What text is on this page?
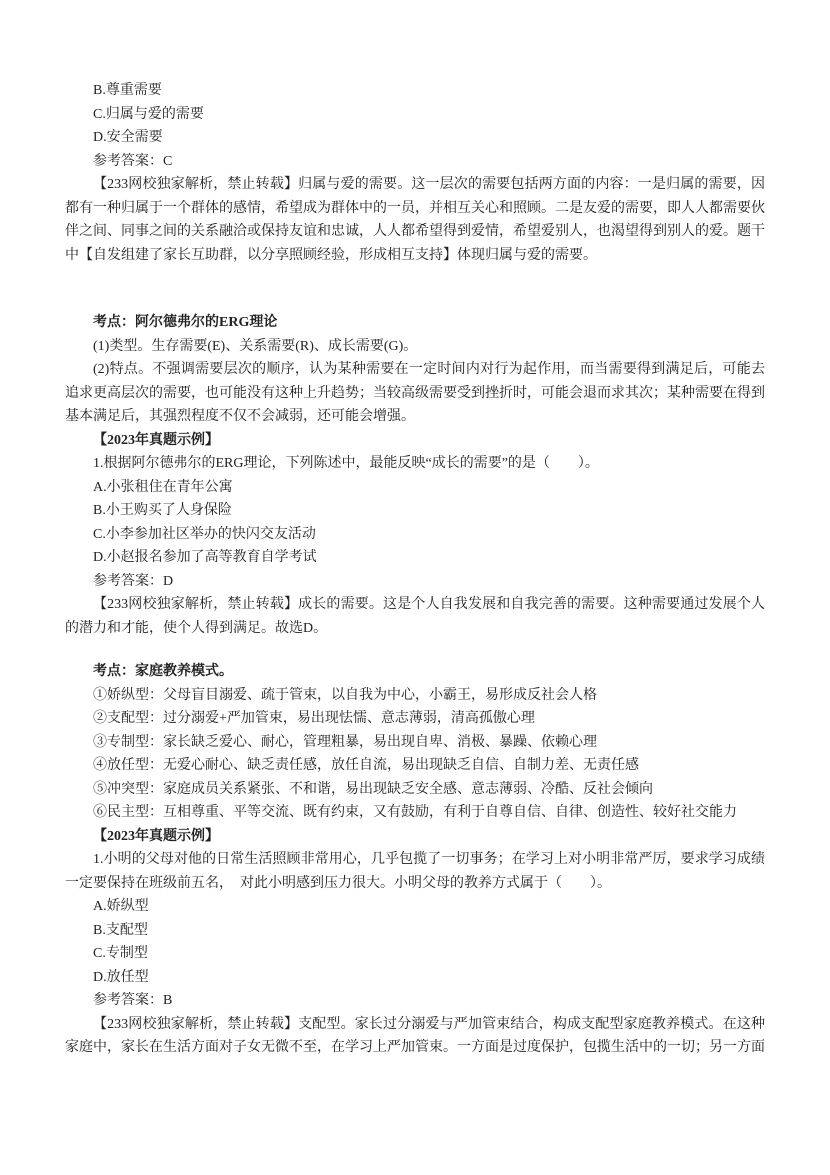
B.尊重需要

C.归属与爱的需要

D.安全需要

参考答案：C

【233网校独家解析，禁止转载】归属与爱的需要。这一层次的需要包括两方面的内容：一是归属的需要，因都有一种归属于一个群体的感情，希望成为群体中的一员，并相互关心和照顾。二是友爱的需要，即人人都需要伙伴之间、同事之间的关系融洽或保持友谊和忠诚，人人都希望得到爱情，希望爱别人，也渴望得到别人的爱。题干中【自发组建了家长互助群，以分享照顾经验，形成相互支持】体现归属与爱的需要。

考点：阿尔德弗尔的ERG理论

(1)类型。生存需要(E)、关系需要(R)、成长需要(G)。

(2)特点。不强调需要层次的顺序，认为某种需要在一定时间内对行为起作用，而当需要得到满足后，可能去追求更高层次的需要，也可能没有这种上升趋势；当较高级需要受到挫折时，可能会退而求其次；某种需要在得到基本满足后，其强烈程度不仅不会减弱，还可能会增强。

【2023年真题示例】

1.根据阿尔德弗尔的ERG理论，下列陈述中，最能反映“成长的需要”的是（　　）。

A.小张租住在青年公寓

B.小王购买了人身保险

C.小李参加社区举办的快闪交友活动

D.小赵报名参加了高等教育自学考试

参考答案：D

【233网校独家解析，禁止转载】成长的需要。这是个人自我发展和自我完善的需要。这种需要通过发展个人的潜力和才能，使个人得到满足。故选D。

考点：家庭教养模式。

①娇纵型：父母盲目溺爱、疏于管束，以自我为中心，小霸王，易形成反社会人格

②支配型：过分溺爱+严加管束，易出现怯懦、意志薄弱，清高孤傲心理

③专制型：家长缺乏爱心、耐心，管理粗暴，易出现自卑、消极、暴躁、依赖心理

④放任型：无爱心耐心、缺乏责任感，放任自流，易出现缺乏自信、自制力差、无责任感

⑤冲突型：家庭成员关系紧张、不和谐，易出现缺乏安全感、意志薄弱、冷酷、反社会倾向

⑥民主型：互相尊重、平等交流、既有约束，又有鼓励，有利于自尊自信、自律、创造性、较好社交能力

【2023年真题示例】

1.小明的父母对他的日常生活照顾非常用心，几乎包揽了一切事务；在学习上对小明非常严厉，要求学习成绩一定要保持在班级前五名，　对此小明感到压力很大。小明父母的教养方式属于（　　）。

A.娇纵型

B.支配型

C.专制型

D.放任型

参考答案：B

【233网校独家解析，禁止转载】支配型。家长过分溺爱与严加管束结合，构成支配型家庭教养模式。在这种家庭中，家长在生活方面对子女无微不至，在学习上严加管束。一方面是过度保护，包揽生活中的一切；另一方面
